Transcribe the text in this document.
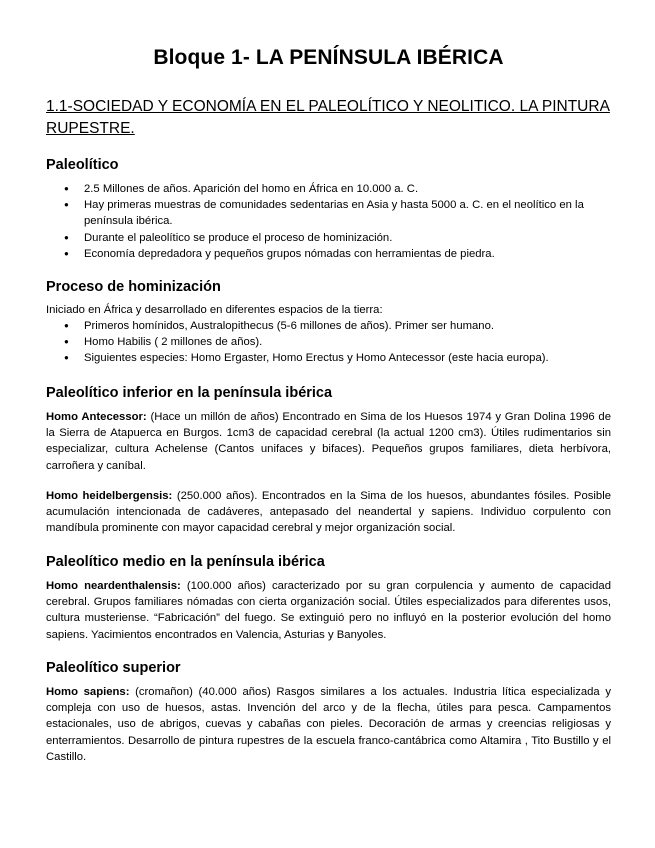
Bloque 1- LA PENÍNSULA IBÉRICA
1.1-SOCIEDAD Y ECONOMÍA EN EL PALEOLÍTICO Y NEOLITICO. LA PINTURA RUPESTRE.
Paleolítico
● 2.5 Millones de años. Aparición del homo en África en 10.000 a. C.
● Hay primeras muestras de comunidades sedentarias en Asia y hasta 5000 a. C. en el neolítico en la península ibérica.
● Durante el paleolítico se produce el proceso de hominización.
● Economía depredadora y pequeños grupos nómadas con herramientas de piedra.
Proceso de hominización

Iniciado en África y desarrollado en diferentes espacios de la tierra:

● Primeros homínidos, Australopithecus (5-6 millones de años). Primer ser humano.
● Homo Habilis ( 2 millones de años).
● Siguientes especies: Homo Ergaster, Homo Erectus y Homo Antecessor (este hacia europa).
Paleolítico inferior en la península ibérica

Homo Antecessor: (Hace un millón de años) Encontrado en Sima de los Huesos 1974 y Gran Dolina 1996 de la Sierra de Atapuerca en Burgos. 1cm3 de capacidad cerebral (la actual 1200 cm3). Útiles rudimentarios sin especializar, cultura Achelense (Cantos unifaces y bifaces). Pequeños grupos familiares, dieta herbívora, carroñera y caníbal.

Homo heidelbergensis: (250.000 años). Encontrados en la Sima de los huesos, abundantes fósiles. Posible acumulación intencionada de cadáveres, antepasado del neandertal y sapiens. Individuo corpulento con mandíbula prominente con mayor capacidad cerebral y mejor organización social.

Paleolítico medio en la península ibérica

Homo neardenthalensis: (100.000 años) caracterizado por su gran corpulencia y aumento de capacidad cerebral. Grupos familiares nómadas con cierta organización social. Útiles especializados para diferentes usos, cultura musteriense. “Fabricación” del fuego. Se extinguió pero no influyó en la posterior evolución del homo sapiens. Yacimientos encontrados en Valencia, Asturias y Banyoles.

Paleolítico superior

Homo sapiens: (cromañon) (40.000 años) Rasgos similares a los actuales. Industria lítica especializada y compleja con uso de huesos, astas. Invención del arco y de la flecha, útiles para pesca. Campamentos estacionales, uso de abrigos, cuevas y cabañas con pieles. Decoración de armas y creencias religiosas y enterramientos. Desarrollo de pintura rupestres de la escuela franco-cantábrica como Altamira , Tito Bustillo y el Castillo.
